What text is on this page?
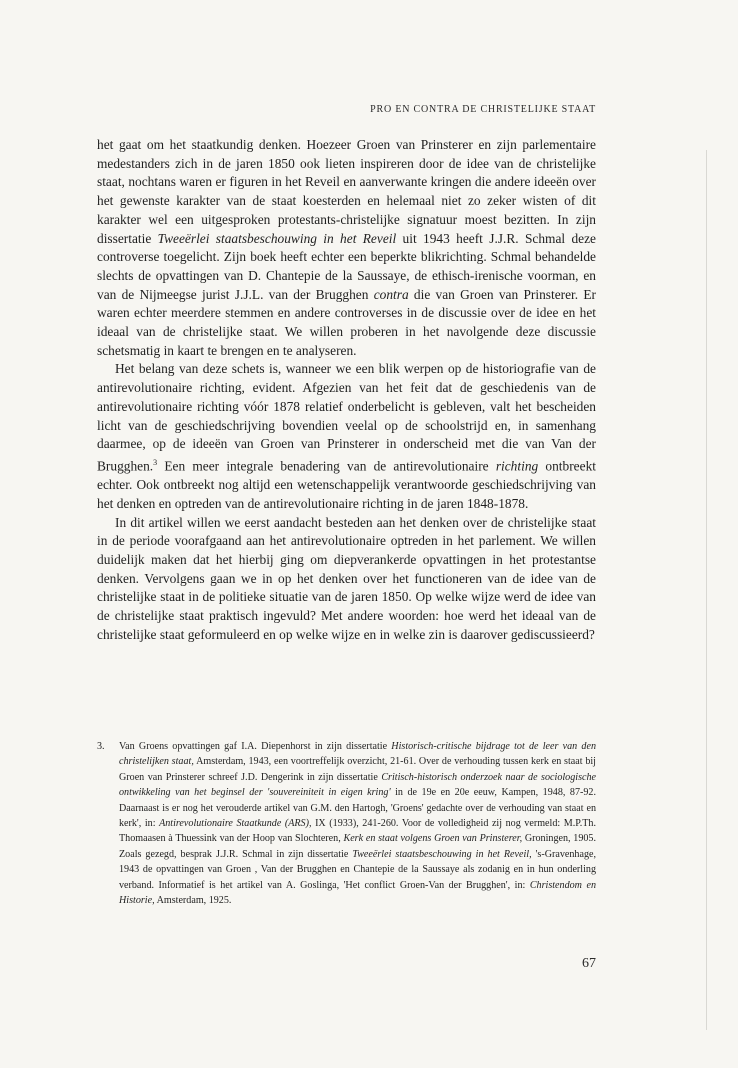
PRO EN CONTRA DE CHRISTELIJKE STAAT

het gaat om het staatkundig denken. Hoezeer Groen van Prinsterer en zijn parlementaire medestanders zich in de jaren 1850 ook lieten inspireren door de idee van de christelijke staat, nochtans waren er figuren in het Reveil en aanverwante kringen die andere ideeën over het gewenste karakter van de staat koesterden en helemaal niet zo zeker wisten of dit karakter wel een uitgesproken protestants-christelijke signatuur moest bezitten. In zijn dissertatie Tweeërlei staatsbeschouwing in het Reveil uit 1943 heeft J.J.R. Schmal deze controverse toegelicht. Zijn boek heeft echter een beperkte blikrichting. Schmal behandelde slechts de opvattingen van D. Chantepie de la Saussaye, de ethisch-irenische voorman, en van de Nijmeegse jurist J.J.L. van der Brugghen contra die van Groen van Prinsterer. Er waren echter meerdere stemmen en andere controverses in de discussie over de idee en het ideaal van de christelijke staat. We willen proberen in het navolgende deze discussie schetsmatig in kaart te brengen en te analyseren.

Het belang van deze schets is, wanneer we een blik werpen op de historiografie van de antirevolutionaire richting, evident. Afgezien van het feit dat de geschiedenis van de antirevolutionaire richting vóór 1878 relatief onderbelicht is gebleven, valt het bescheiden licht van de geschiedschrijving bovendien veelal op de schoolstrijd en, in samenhang daarmee, op de ideeën van Groen van Prinsterer in onderscheid met die van Van der Brugghen.$^3$ Een meer integrale benadering van de antirevolutionaire richting ontbreekt echter. Ook ontbreekt nog altijd een wetenschappelijk verantwoorde geschiedschrijving van het denken en optreden van de antirevolutionaire richting in de jaren 1848-1878.

In dit artikel willen we eerst aandacht besteden aan het denken over de christelijke staat in de periode voorafgaand aan het antirevolutionaire optreden in het parlement. We willen duidelijk maken dat het hierbij ging om diepverankerde opvattingen in het protestantse denken. Vervolgens gaan we in op het denken over het functioneren van de idee van de christelijke staat in de politieke situatie van de jaren 1850. Op welke wijze werd de idee van de christelijke staat praktisch ingevuld? Met andere woorden: hoe werd het ideaal van de christelijke staat geformuleerd en op welke wijze en in welke zin is daarover gediscussieerd?

3.	Van Groens opvattingen gaf I.A. Diepenhorst in zijn dissertatie Historisch-critische bijdrage tot de leer van den christelijken staat, Amsterdam, 1943, een voortreffelijk overzicht, 21-61. Over de verhouding tussen kerk en staat bij Groen van Prinsterer schreef J.D. Dengerink in zijn dissertatie Critisch-historisch onderzoek naar de sociologische ontwikkeling van het beginsel der 'souvereiniteit in eigen kring' in de 19e en 20e eeuw, Kampen, 1948, 87-92. Daarnaast is er nog het verouderde artikel van G.M. den Hartogh, 'Groens' gedachte over de verhouding van staat en kerk', in: Antirevolutionaire Staatkunde (ARS), IX (1933), 241-260. Voor de volledigheid zij nog vermeld: M.P.Th. Thomaasen à Thuessink van der Hoop van Slochteren, Kerk en staat volgens Groen van Prinsterer, Groningen, 1905. Zoals gezegd, besprak J.J.R. Schmal in zijn dissertatie Tweeërlei staatsbeschouwing in het Reveil, 's-Gravenhage, 1943 de opvattingen van Groen , Van der Brugghen en Chantepie de la Saussaye als zodanig en in hun onderling verband. Informatief is het artikel van A. Goslinga, 'Het conflict Groen-Van der Brugghen', in: Christendom en Historie, Amsterdam, 1925.
67
